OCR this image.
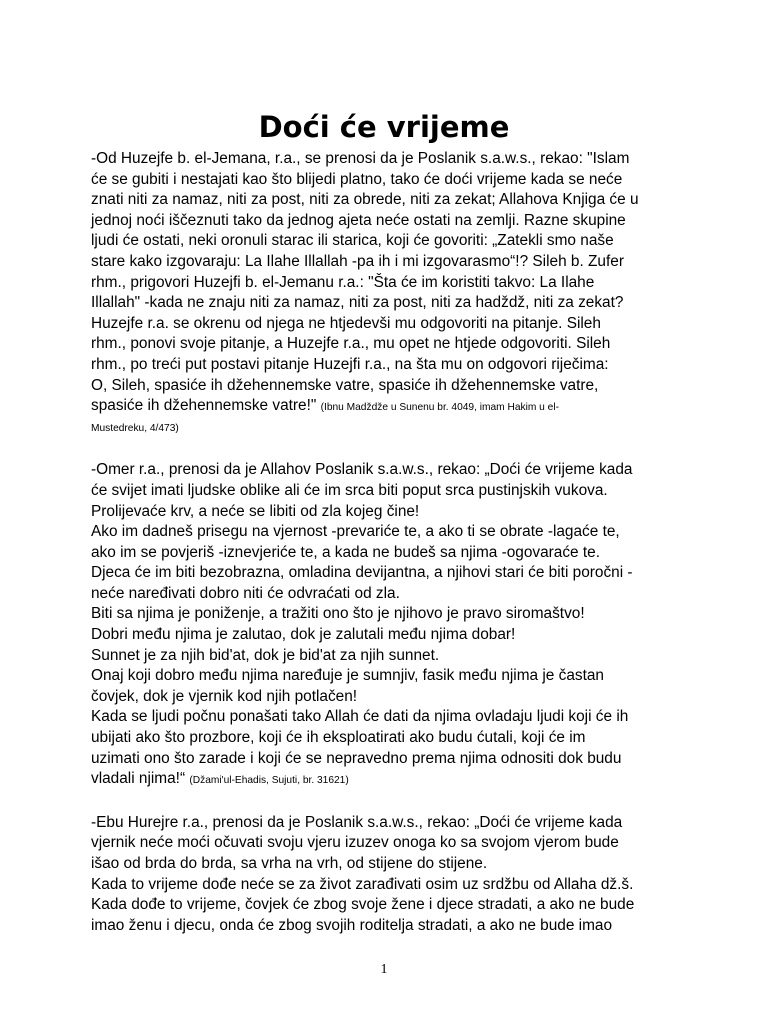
Doći će vrijeme

-Od Huzejfe b. el-Jemana, r.a., se prenosi da je Poslanik s.a.w.s., rekao: "Islam
će se gubiti i nestajati kao što blijedi platno, tako će doći vrijeme kada se neće
znati niti za namaz, niti za post, niti za obrede, niti za zekat; Allahova Knjiga će u
jednoj noći iščeznuti tako da jednog ajeta neće ostati na zemlji. Razne skupine
ljudi će ostati, neki oronuli starac ili starica, koji će govoriti: „Zatekli smo naše
stare kako izgovaraju: La Ilahe Illallah -pa ih i mi izgovarasmo“!? Sileh b. Zufer
rhm., prigovori Huzejfi b. el-Jemanu r.a.: "Šta će im koristiti takvo: La Ilahe
Illallah" -kada ne znaju niti za namaz, niti za post, niti za hadždž, niti za zekat?
Huzejfe r.a. se okrenu od njega ne htjedevši mu odgovoriti na pitanje. Sileh
rhm., ponovi svoje pitanje, a Huzejfe r.a., mu opet ne htjede odgovoriti. Sileh
rhm., po treći put postavi pitanje Huzejfi r.a., na šta mu on odgovori riječima:
O, Sileh, spasiće ih džehennemske vatre, spasiće ih džehennemske vatre,
spasiće ih džehennemske vatre!" (Ibnu Madždže u Sunenu br. 4049, imam Hakim u el-
Mustedreku, 4/473)

-Omer r.a., prenosi da je Allahov Poslanik s.a.w.s., rekao: „Doći će vrijeme kada
će svijet imati ljudske oblike ali će im srca biti poput srca pustinjskih vukova.
Prolijevaće krv, a neće se libiti od zla kojeg čine!
Ako im dadneš prisegu na vjernost -prevariće te, a ako ti se obrate -lagaće te,
ako im se povjeriš -iznevjeriće te, a kada ne budeš sa njima -ogovaraće te.
Djeca će im biti bezobrazna, omladina devijantna, a njihovi stari će biti poročni -
neće naređivati dobro niti će odvraćati od zla.
Biti sa njima je poniženje, a tražiti ono što je njihovo je pravo siromaštvo!
Dobri među njima je zalutao, dok je zalutali među njima dobar!
Sunnet je za njih bid'at, dok je bid'at za njih sunnet.
Onaj koji dobro među njima naređuje je sumnjiv, fasik među njima je častan
čovjek, dok je vjernik kod njih potlačen!
Kada se ljudi počnu ponašati tako Allah će dati da njima ovladaju ljudi koji će ih
ubijati ako što prozbore, koji će ih eksploatirati ako budu ćutali, koji će im
uzimati ono što zarade i koji će se nepravedno prema njima odnositi dok budu
vladali njima!“ (Džami'ul-Ehadis, Sujuti, br. 31621)

-Ebu Hurejre r.a., prenosi da je Poslanik s.a.w.s., rekao: „Doći će vrijeme kada
vjernik neće moći očuvati svoju vjeru izuzev onoga ko sa svojom vjerom bude
išao od brda do brda, sa vrha na vrh, od stijene do stijene.
Kada to vrijeme dođe neće se za život zarađivati osim uz srdžbu od Allaha dž.š.
Kada dođe to vrijeme, čovjek će zbog svoje žene i djece stradati, a ako ne bude
imao ženu i djecu, onda će zbog svojih roditelja stradati, a ako ne bude imao

1
